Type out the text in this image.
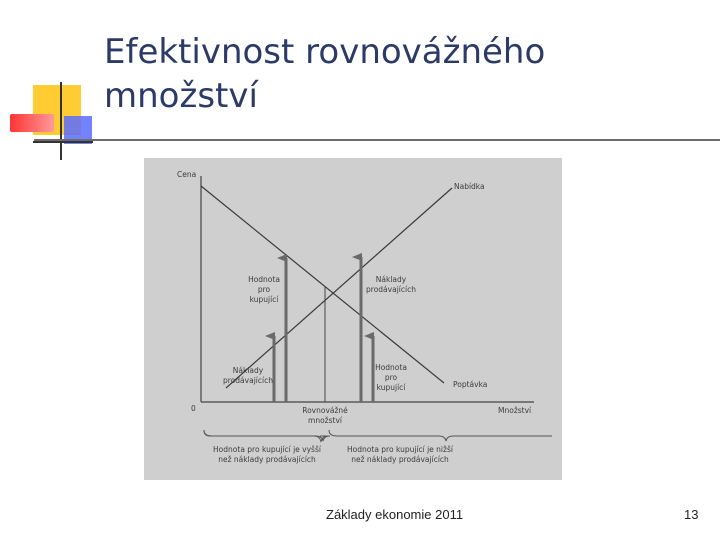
Efektivnost rovnovážného
množství
Cena
Množství
0
Nabídka
Poptávka
Rovnovážné
množství
Hodnota
pro
kupující
Náklady
prodávajících
Náklady
prodávajících
Hodnota
pro
kupující
Hodnota pro kupující je vyšší
než náklady prodávajících
Hodnota pro kupující je nižší
než náklady prodávajících
Základy ekonomie 2011	13
